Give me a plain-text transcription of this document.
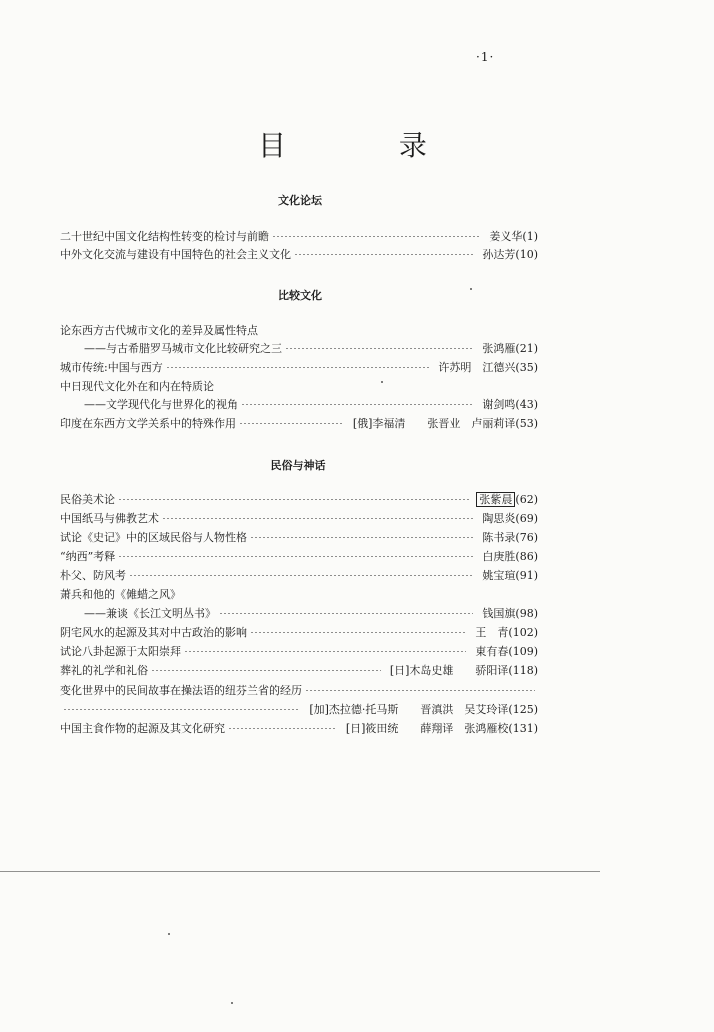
·1·
目 录
文化论坛
二十世纪中国文化结构性转变的检讨与前瞻	姜义华 (1)
中外文化交流与建设有中国特色的社会主义文化	孙达芳 (10)
比较文化
论东西方古代城市文化的差异及属性特点
——与古希腊罗马城市文化比较研究之三	张鸿雁 (21)
城市传统:中国与西方	许苏明　江德兴 (35)
中日现代文化外在和内在特质论
——文学现代化与世界化的视角	谢剑鸣 (43)
印度在东西方文学关系中的特殊作用	[俄]李福清　　张晋业　卢丽莉译 (53)
民俗与神话
民俗美术论	张紫晨 (62)
中国纸马与佛教艺术	陶思炎 (69)
试论《史记》中的区域民俗与人物性格	陈书录 (76)
“纳西”考释	白庚胜 (86)
朴父、防风考	姚宝瑄 (91)
萧兵和他的《傩蜡之风》
——兼谈《长江文明丛书》	钱国旗 (98)
阴宅风水的起源及其对中古政治的影响	王　青 (102)
试论八卦起源于太阳崇拜	東有春 (109)
葬礼的礼学和礼俗	[日]木岛史雄　　骄阳译 (118)
变化世界中的民间故事在操法语的纽芬兰省的经历
[加]杰拉德·托马斯　　晋滇洪　吴艾玲译 (125)
中国主食作物的起源及其文化研究	[日]筱田统　　薛翔译　张鸿雁校 (131)
